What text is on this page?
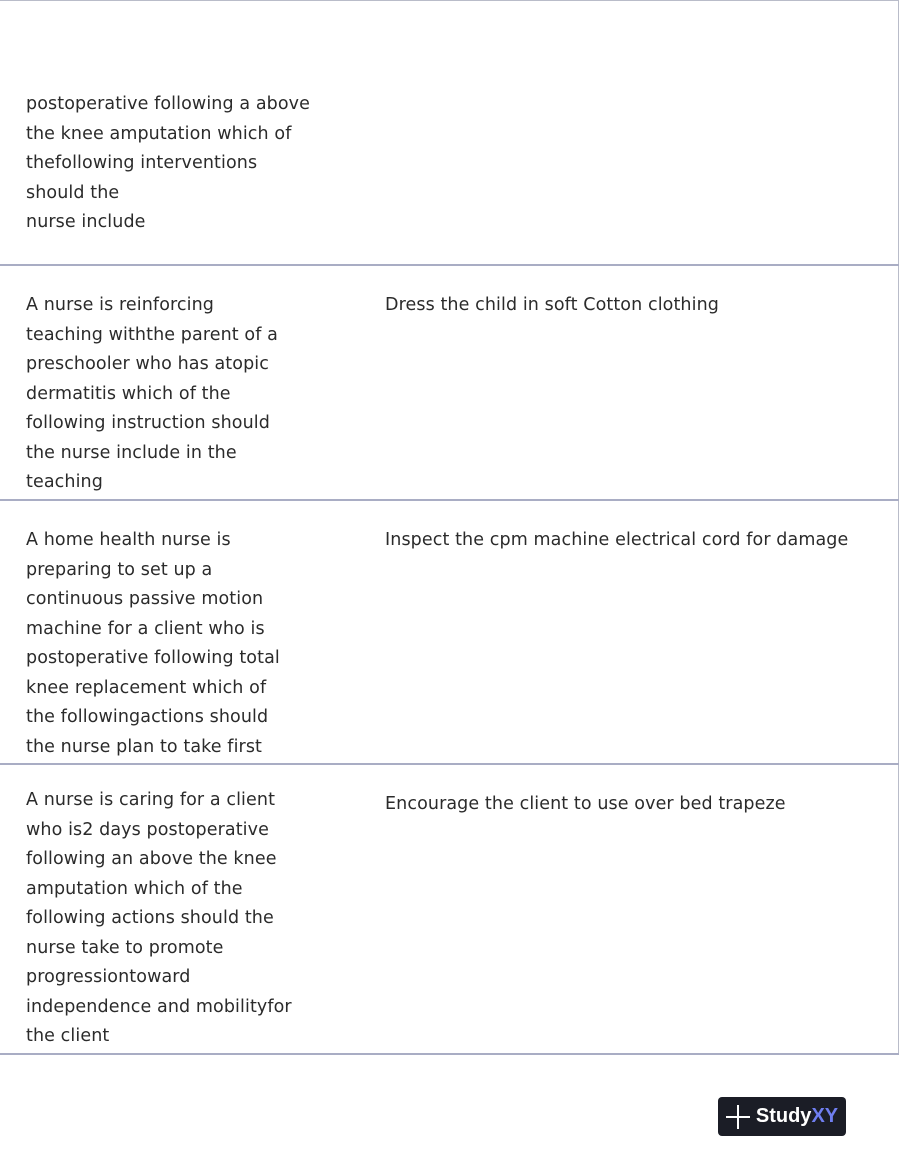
postoperative following a above
the knee amputation which of
thefollowing interventions
should the
nurse include
A nurse is reinforcing
teaching withthe parent of a
preschooler who has atopic
dermatitis which of the
following instruction should
the nurse include in the
teaching
Dress the child in soft Cotton clothing
A home health nurse is
preparing to set up a
continuous passive motion
machine for a client who is
postoperative following total
knee replacement which of
the followingactions should
the nurse plan to take first
Inspect the cpm machine electrical cord for damage
A nurse is caring for a client
who is2 days postoperative
following an above the knee
amputation which of the
following actions should the
nurse take to promote
progressiontoward
independence and mobilityfor
the client
Encourage the client to use over bed trapeze
StudyXY
